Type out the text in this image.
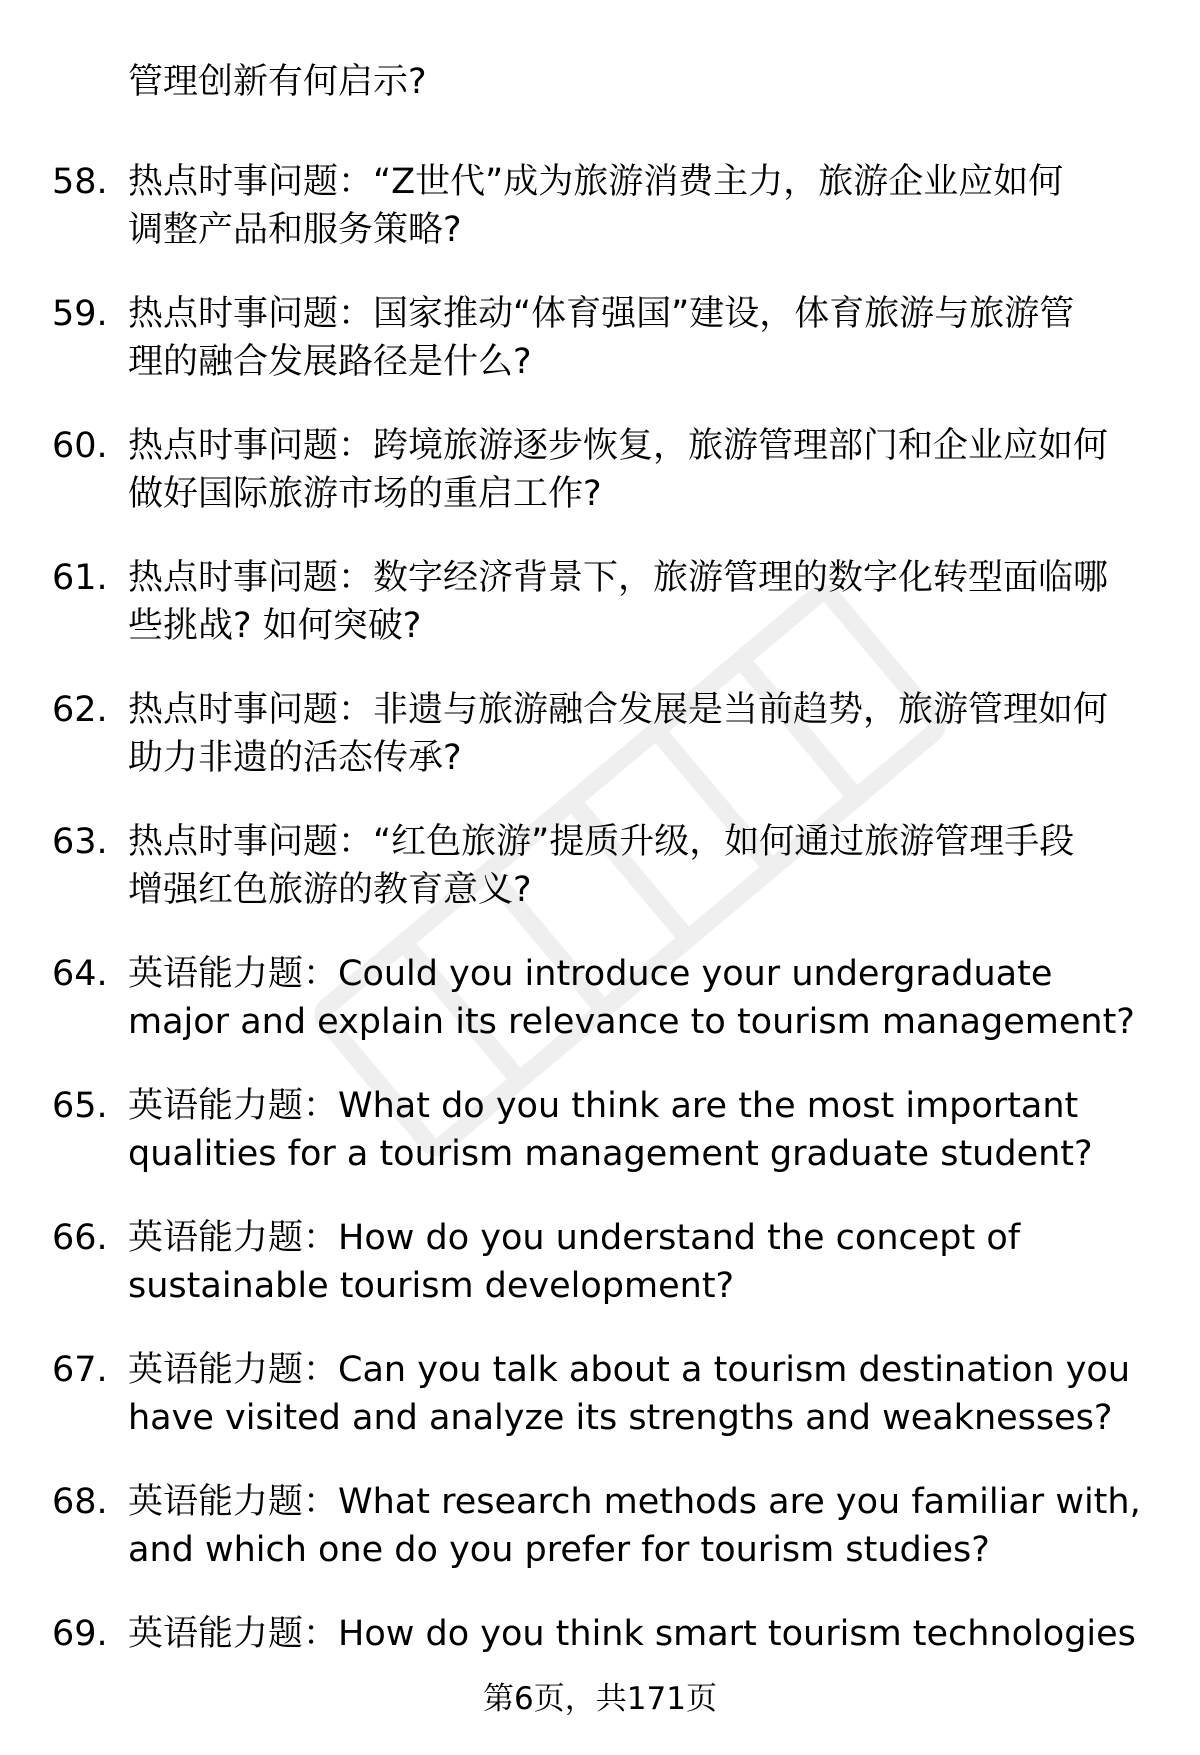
管理创新有何启示?
58. 热点时事问题：“Z世代”成为旅游消费主力，旅游企业应如何
调整产品和服务策略?
59. 热点时事问题：国家推动“体育强国”建设，体育旅游与旅游管
理的融合发展路径是什么?
60. 热点时事问题：跨境旅游逐步恢复，旅游管理部门和企业应如何
做好国际旅游市场的重启工作?
61. 热点时事问题：数字经济背景下，旅游管理的数字化转型面临哪
些挑战? 如何突破?
62. 热点时事问题：非遗与旅游融合发展是当前趋势，旅游管理如何
助力非遗的活态传承?
63. 热点时事问题：“红色旅游”提质升级，如何通过旅游管理手段
增强红色旅游的教育意义?
64. 英语能力题：Could you introduce your undergraduate
major and explain its relevance to tourism management?
65. 英语能力题：What do you think are the most important
qualities for a tourism management graduate student?
66. 英语能力题：How do you understand the concept of
sustainable tourism development?
67. 英语能力题：Can you talk about a tourism destination you
have visited and analyze its strengths and weaknesses?
68. 英语能力题：What research methods are you familiar with,
and which one do you prefer for tourism studies?
69. 英语能力题：How do you think smart tourism technologies
第6页，共171页
